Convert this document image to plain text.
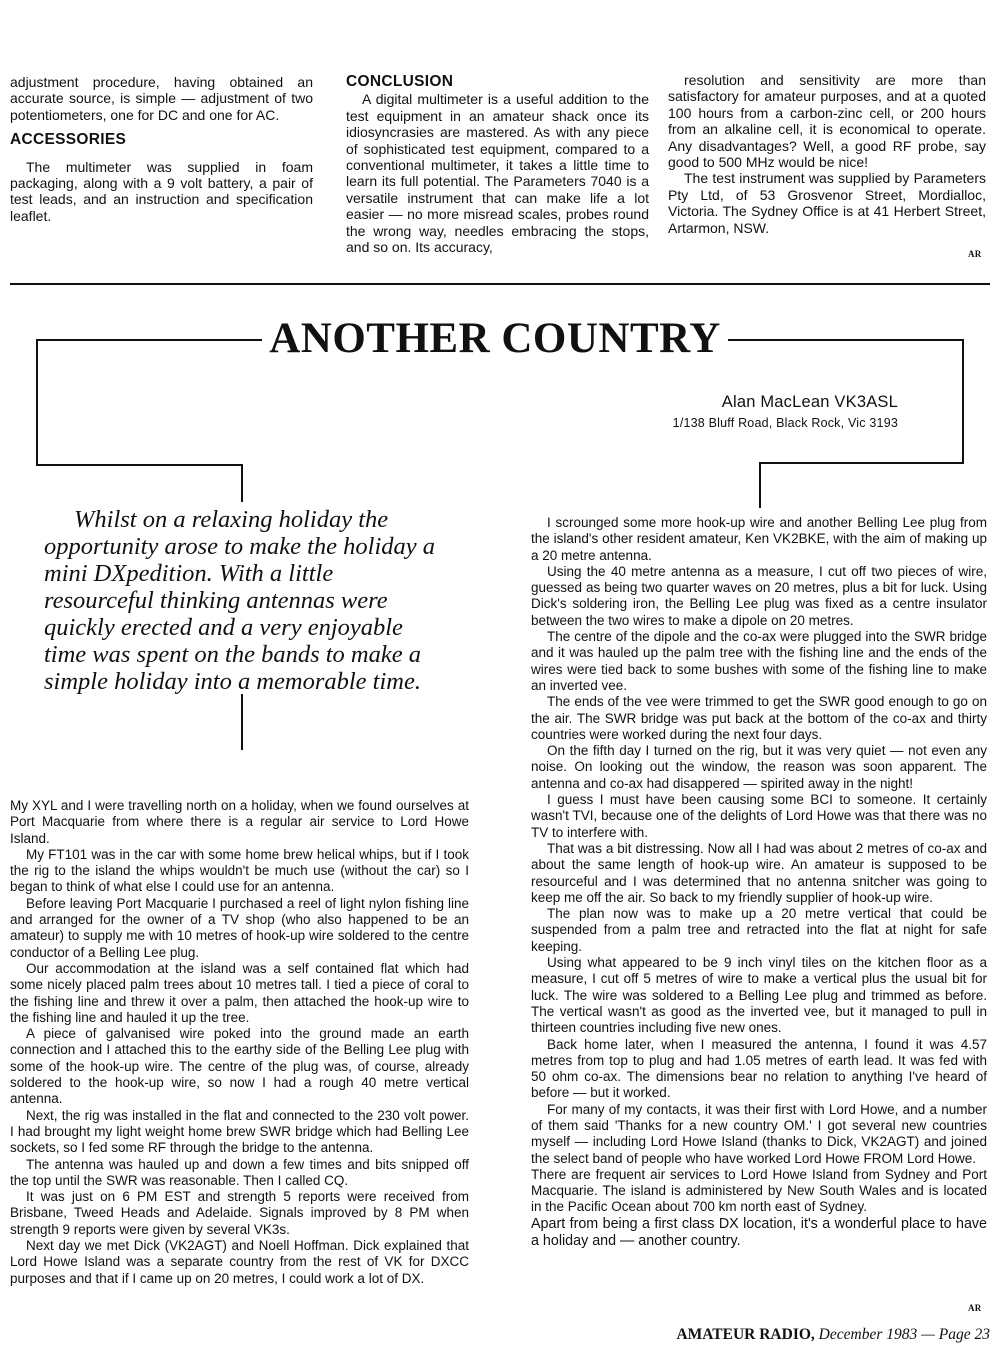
adjustment procedure, having obtained an accurate source, is simple — adjustment of two potentiometers, one for DC and one for AC.

ACCESSORIES

The multimeter was supplied in foam packaging, along with a 9 volt battery, a pair of test leads, and an instruction and specification leaflet.

CONCLUSION

A digital multimeter is a useful addition to the test equipment in an amateur shack once its idiosyncrasies are mastered. As with any piece of sophisticated test equipment, compared to a conventional multimeter, it takes a little time to learn its full potential. The Parameters 7040 is a versatile instrument that can make life a lot easier — no more misread scales, probes round the wrong way, needles embracing the stops, and so on. Its accuracy,

resolution and sensitivity are more than satisfactory for amateur purposes, and at a quoted 100 hours from a carbon-zinc cell, or 200 hours from an alkaline cell, it is economical to operate. Any disadvantages? Well, a good RF probe, say good to 500 MHz would be nice!

The test instrument was supplied by Parameters Pty Ltd, of 53 Grosvenor Street, Mordialloc, Victoria. The Sydney Office is at 41 Herbert Street, Artarmon, NSW.

AR
ANOTHER COUNTRY
Alan MacLean VK3ASL
1/138 Bluff Road, Black Rock, Vic 3193
Whilst on a relaxing holiday the opportunity arose to make the holiday a mini DXpedition. With a little resourceful thinking antennas were quickly erected and a very enjoyable time was spent on the bands to make a simple holiday into a memorable time.

My XYL and I were travelling north on a holiday, when we found ourselves at Port Macquarie from where there is a regular air service to Lord Howe Island.

My FT101 was in the car with some home brew helical whips, but if I took the rig to the island the whips wouldn't be much use (without the car) so I began to think of what else I could use for an antenna.

Before leaving Port Macquarie I purchased a reel of light nylon fishing line and arranged for the owner of a TV shop (who also happened to be an amateur) to supply me with 10 metres of hook-up wire soldered to the centre conductor of a Belling Lee plug.

Our accommodation at the island was a self contained flat which had some nicely placed palm trees about 10 metres tall. I tied a piece of coral to the fishing line and threw it over a palm, then attached the hook-up wire to the fishing line and hauled it up the tree.

A piece of galvanised wire poked into the ground made an earth connection and I attached this to the earthy side of the Belling Lee plug with some of the hook-up wire. The centre of the plug was, of course, already soldered to the hook-up wire, so now I had a rough 40 metre vertical antenna.

Next, the rig was installed in the flat and connected to the 230 volt power. I had brought my light weight home brew SWR bridge which had Belling Lee sockets, so I fed some RF through the bridge to the antenna.

The antenna was hauled up and down a few times and bits snipped off the top until the SWR was reasonable. Then I called CQ.

It was just on 6 PM EST and strength 5 reports were received from Brisbane, Tweed Heads and Adelaide. Signals improved by 8 PM when strength 9 reports were given by several VK3s.

Next day we met Dick (VK2AGT) and Noell Hoffman. Dick explained that Lord Howe Island was a separate country from the rest of VK for DXCC purposes and that if I came up on 20 metres, I could work a lot of DX.

I scrounged some more hook-up wire and another Belling Lee plug from the island's other resident amateur, Ken VK2BKE, with the aim of making up a 20 metre antenna.

Using the 40 metre antenna as a measure, I cut off two pieces of wire, guessed as being two quarter waves on 20 metres, plus a bit for luck. Using Dick's soldering iron, the Belling Lee plug was fixed as a centre insulator between the two wires to make a dipole on 20 metres.

The centre of the dipole and the co-ax were plugged into the SWR bridge and it was hauled up the palm tree with the fishing line and the ends of the wires were tied back to some bushes with some of the fishing line to make an inverted vee.

The ends of the vee were trimmed to get the SWR good enough to go on the air. The SWR bridge was put back at the bottom of the co-ax and thirty countries were worked during the next four days.

On the fifth day I turned on the rig, but it was very quiet — not even any noise. On looking out the window, the reason was soon apparent. The antenna and co-ax had disappered — spirited away in the night!

I guess I must have been causing some BCI to someone. It certainly wasn't TVI, because one of the delights of Lord Howe was that there was no TV to interfere with.

That was a bit distressing. Now all I had was about 2 metres of co-ax and about the same length of hook-up wire. An amateur is supposed to be resourceful and I was determined that no antenna snitcher was going to keep me off the air. So back to my friendly supplier of hook-up wire.

The plan now was to make up a 20 metre vertical that could be suspended from a palm tree and retracted into the flat at night for safe keeping.

Using what appeared to be 9 inch vinyl tiles on the kitchen floor as a measure, I cut off 5 metres of wire to make a vertical plus the usual bit for luck. The wire was soldered to a Belling Lee plug and trimmed as before. The vertical wasn't as good as the inverted vee, but it managed to pull in thirteen countries including five new ones.

Back home later, when I measured the antenna, I found it was 4.57 metres from top to plug and had 1.05 metres of earth lead. It was fed with 50 ohm co-ax. The dimensions bear no relation to anything I've heard of before — but it worked.

For many of my contacts, it was their first with Lord Howe, and a number of them said 'Thanks for a new country OM.' I got several new countries myself — including Lord Howe Island (thanks to Dick, VK2AGT) and joined the select band of people who have worked Lord Howe FROM Lord Howe.

There are frequent air services to Lord Howe Island from Sydney and Port Macquarie. The island is administered by New South Wales and is located in the Pacific Ocean about 700 km north east of Sydney.

Apart from being a first class DX location, it's a wonderful place to have a holiday and — another country.

AR
AMATEUR RADIO, December 1983 — Page 23
